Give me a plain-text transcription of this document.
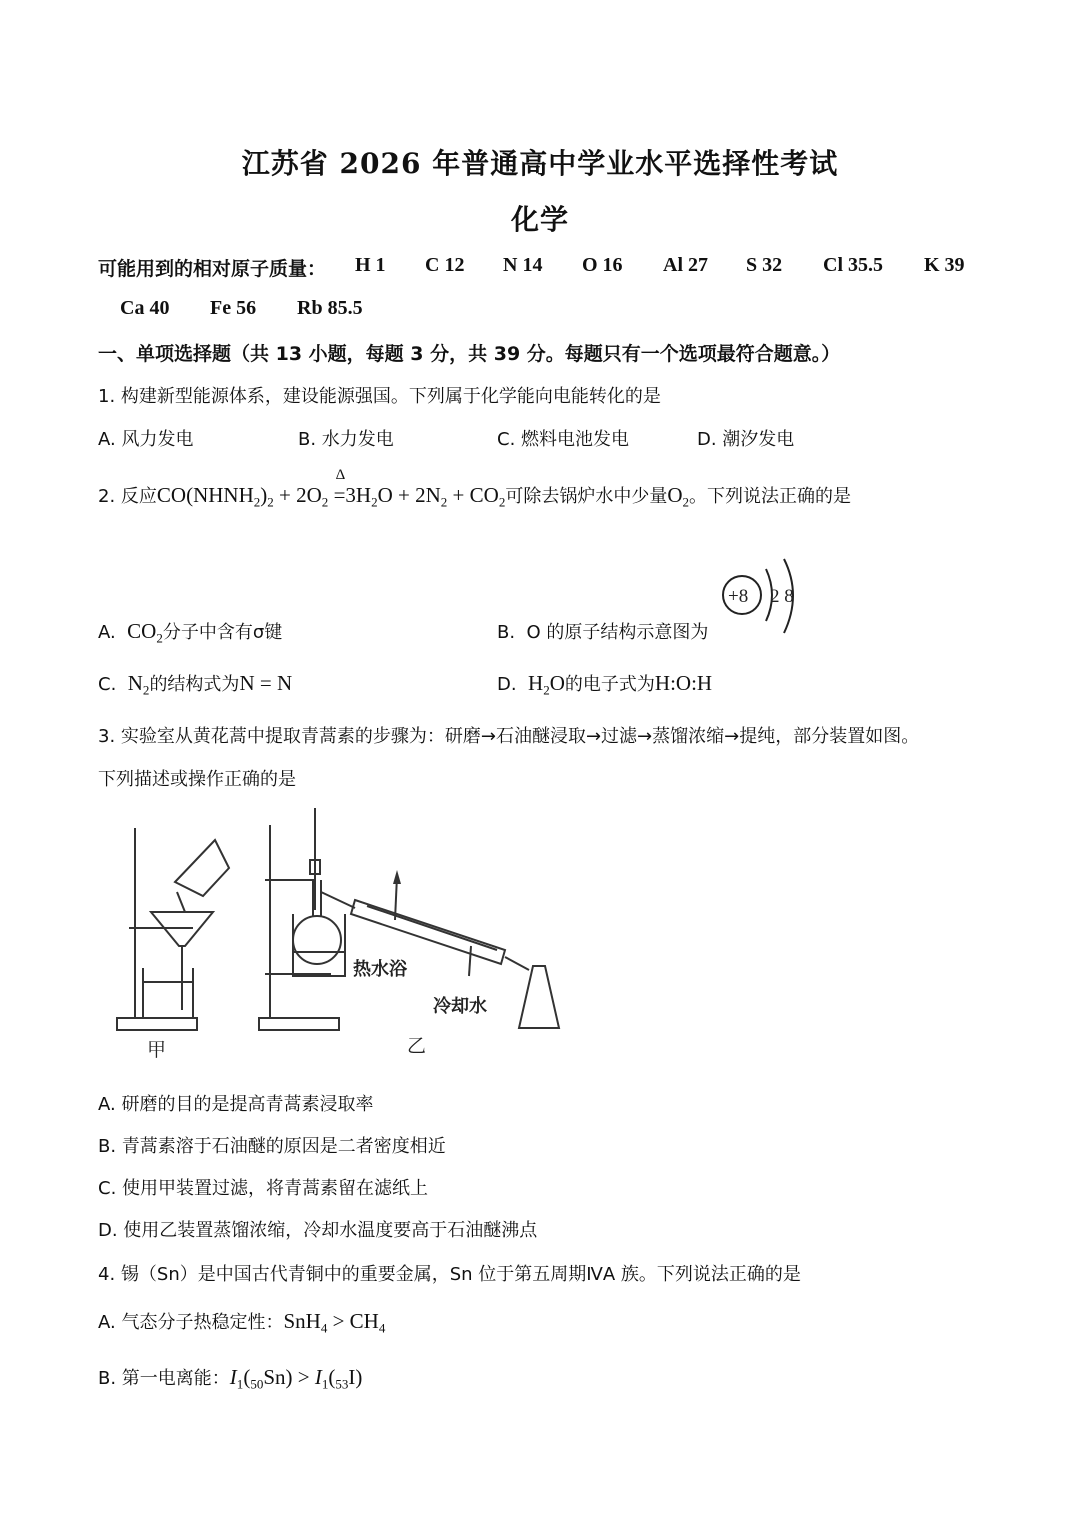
江苏省 2026 年普通高中学业水平选择性考试
化学
可能用到的相对原子质量： H 1 C 12 N 14 O 16 Al 27 S 32 Cl 35.5 K 39
Ca 40 Fe 56 Rb 85.5
一、单项选择题（共 13 小题，每题 3 分，共 39 分。每题只有一个选项最符合题意。）
1. 构建新型能源体系，建设能源强国。下列属于化学能向电能转化的是
A. 风力发电	B. 水力发电	C. 燃料电池发电	D. 潮汐发电
2. 反应$CO(NHNH_2)_2 + 2O_2$
Δ
$=3H_2O + 2N_2 + CO_2$可除去锅炉水中少量$O_2$。下列说法正确的是
+8 2 8
A. $CO_2$分子中含有σ键	B. O 的原子结构示意图为
C. $N_2$的结构式为N = N	D. $H_2O$的电子式为H:O:H
3. 实验室从黄花蒿中提取青蒿素的步骤为：研磨→石油醚浸取→过滤→蒸馏浓缩→提纯，部分装置如图。
下列描述或操作正确的是
热水浴
冷却水
甲	乙
A. 研磨的目的是提高青蒿素浸取率
B. 青蒿素溶于石油醚的原因是二者密度相近
C. 使用甲装置过滤，将青蒿素留在滤纸上
D. 使用乙装置蒸馏浓缩，冷却水温度要高于石油醚沸点
4. 锡（Sn）是中国古代青铜中的重要金属，Sn 位于第五周期ⅣA 族。下列说法正确的是
A. 气态分子热稳定性：$SnH_4 > CH_4$
B. 第一电离能：$I_1(_{50}Sn) > I_1(_{53}I)$
